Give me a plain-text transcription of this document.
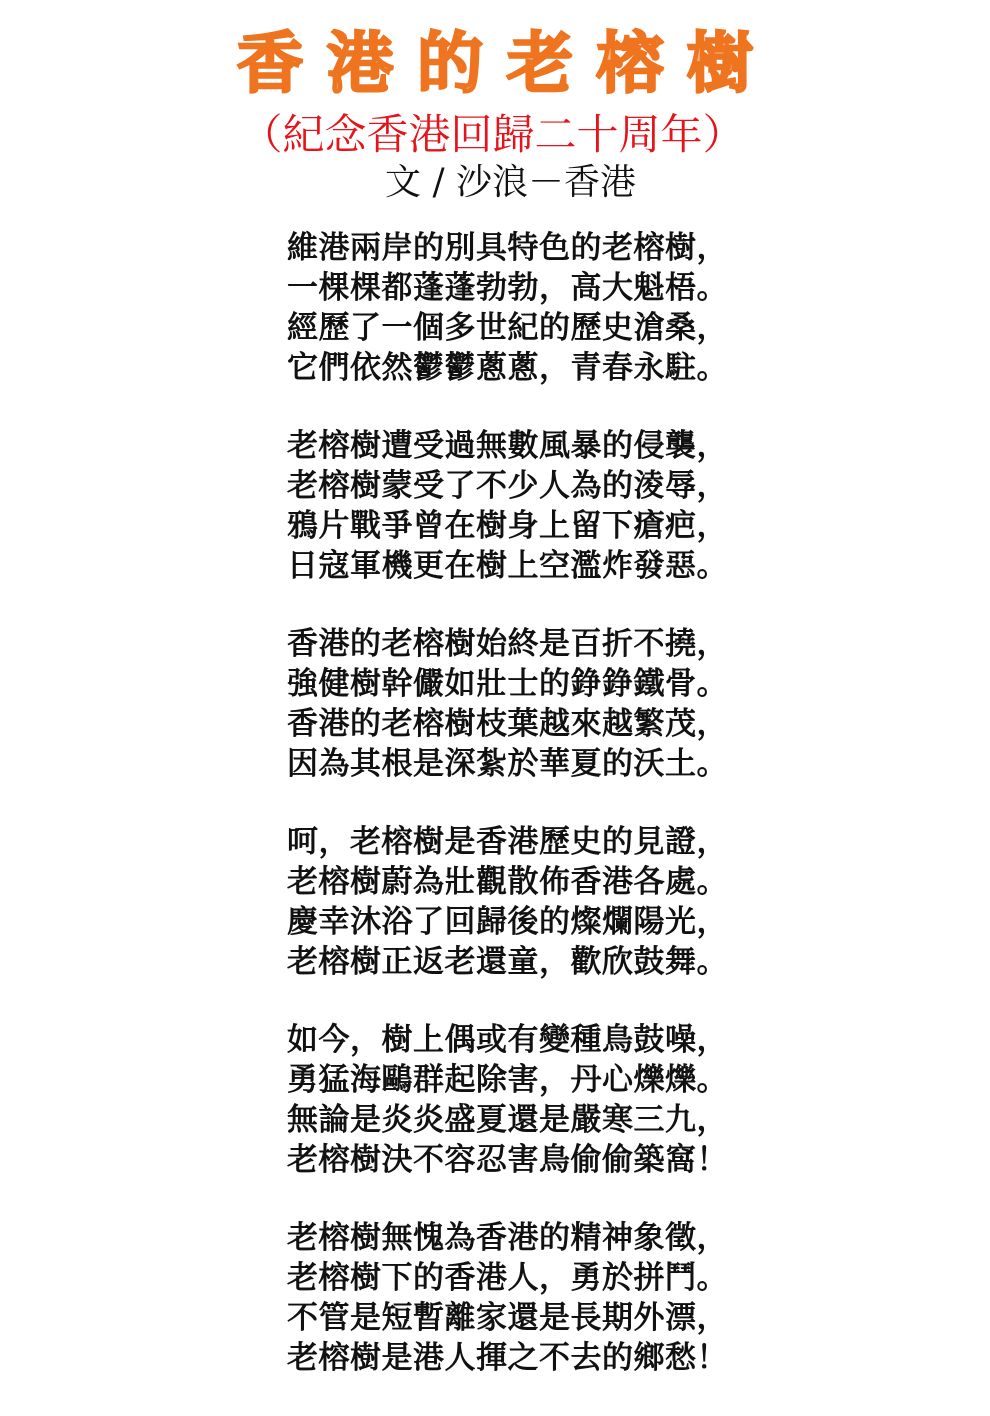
香港的老榕樹
（紀念香港回歸二十周年）
文 / 沙浪－香港
維港兩岸的別具特色的老榕樹，
一棵棵都蓬蓬勃勃，高大魁梧。
經歷了一個多世紀的歷史滄桑，
它們依然鬱鬱蔥蔥，青春永駐。
老榕樹遭受過無數風暴的侵襲，
老榕樹蒙受了不少人為的淩辱，
鴉片戰爭曾在樹身上留下瘡疤，
日寇軍機更在樹上空濫炸發惡。
香港的老榕樹始終是百折不撓，
強健樹幹儼如壯士的錚錚鐵骨。
香港的老榕樹枝葉越來越繁茂，
因為其根是深紮於華夏的沃土。
呵，老榕樹是香港歷史的見證，
老榕樹蔚為壯觀散佈香港各處。
慶幸沐浴了回歸後的燦爛陽光，
老榕樹正返老還童，歡欣鼓舞。
如今，樹上偶或有變種鳥鼓噪，
勇猛海鷗群起除害，丹心爍爍。
無論是炎炎盛夏還是嚴寒三九，
老榕樹決不容忍害鳥偷偷築窩！
老榕樹無愧為香港的精神象徵，
老榕樹下的香港人，勇於拼鬥。
不管是短暫離家還是長期外漂，
老榕樹是港人揮之不去的鄉愁！
